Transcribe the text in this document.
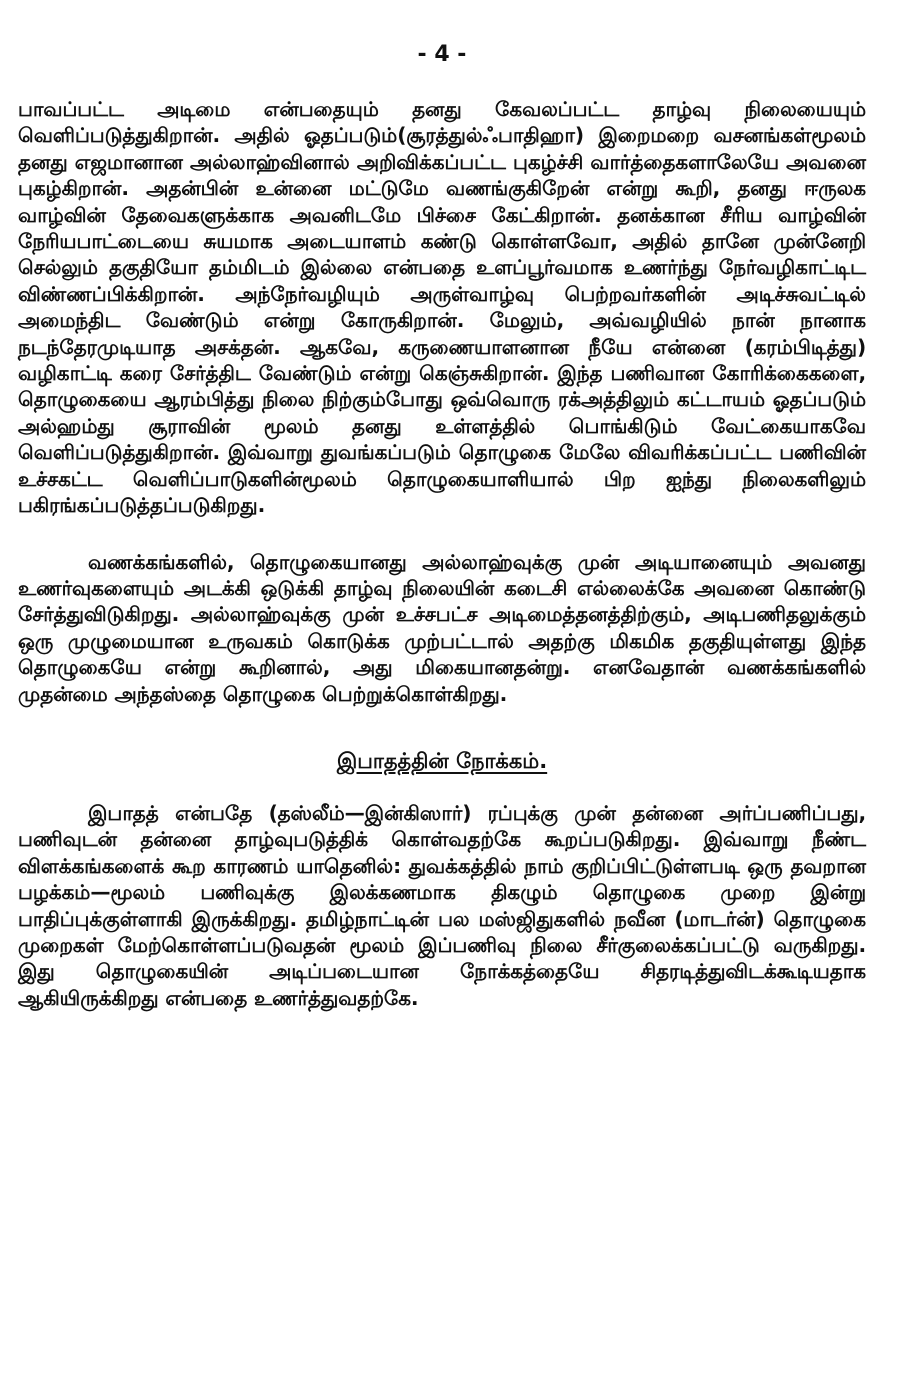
- 4 -

பாவப்பட்ட அடிமை என்பதையும் தனது கேவலப்பட்ட தாழ்வு நிலையையும் வெளிப்படுத்துகிறான். அதில் ஓதப்படும்(சூரத்துல்ஃபாதிஹா) இறைமறை வசனங்கள்மூலம் தனது எஜமானான அல்லாஹ்வினால் அறிவிக்கப்பட்ட புகழ்ச்சி வார்த்தைகளாலேயே அவனை புகழ்கிறான். அதன்பின் உன்னை மட்டுமே வணங்குகிறேன் என்று கூறி, தனது ஈருலக வாழ்வின் தேவைகளுக்காக அவனிடமே பிச்சை கேட்கிறான். தனக்கான சீரிய வாழ்வின் நேரியபாட்டையை சுயமாக அடையாளம் கண்டு கொள்ளவோ, அதில் தானே முன்னேறி செல்லும் தகுதியோ தம்மிடம் இல்லை என்பதை உளப்பூர்வமாக உணர்ந்து நேர்வழிகாட்டிட விண்ணப்பிக்கிறான். அந்நேர்வழியும் அருள்வாழ்வு பெற்றவர்களின் அடிச்சுவட்டில் அமைந்திட வேண்டும் என்று கோருகிறான். மேலும், அவ்வழியில் நான் நானாக நடந்தேரமுடியாத அசக்தன். ஆகவே, கருணையாளனான நீயே என்னை (கரம்பிடித்து) வழிகாட்டி கரை சேர்த்திட வேண்டும் என்று கெஞ்சுகிறான். இந்த பணிவான கோரிக்கைகளை, தொழுகையை ஆரம்பித்து நிலை நிற்கும்போது ஒவ்வொரு ரக்அத்திலும் கட்டாயம் ஓதப்படும் அல்ஹம்து சூராவின் மூலம் தனது உள்ளத்தில் பொங்கிடும் வேட்கையாகவே வெளிப்படுத்துகிறான். இவ்வாறு துவங்கப்படும் தொழுகை மேலே விவரிக்கப்பட்ட பணிவின் உச்சகட்ட வெளிப்பாடுகளின்மூலம் தொழுகையாளியால் பிற ஐந்து நிலைகளிலும் பகிரங்கப்படுத்தப்படுகிறது.

வணக்கங்களில், தொழுகையானது அல்லாஹ்வுக்கு முன் அடியானையும் அவனது உணர்வுகளையும் அடக்கி ஒடுக்கி தாழ்வு நிலையின் கடைசி எல்லைக்கே அவனை கொண்டு சேர்த்துவிடுகிறது. அல்லாஹ்வுக்கு முன் உச்சபட்ச அடிமைத்தனத்திற்கும், அடிபணிதலுக்கும் ஒரு முழுமையான உருவகம் கொடுக்க முற்பட்டால் அதற்கு மிகமிக தகுதியுள்ளது இந்த தொழுகையே என்று கூறினால், அது மிகையானதன்று. எனவேதான் வணக்கங்களில் முதன்மை அந்தஸ்தை தொழுகை பெற்றுக்கொள்கிறது.

இபாதத்தின் நோக்கம்.

இபாதத் என்பதே (தஸ்லீம்—இன்கிஸார்) ரப்புக்கு முன் தன்னை அர்ப்பணிப்பது, பணிவுடன் தன்னை தாழ்வுபடுத்திக் கொள்வதற்கே கூறப்படுகிறது. இவ்வாறு நீண்ட விளக்கங்களைக் கூற காரணம் யாதெனில்: துவக்கத்தில் நாம் குறிப்பிட்டுள்ளபடி ஒரு தவறான பழக்கம்—மூலம் பணிவுக்கு இலக்கணமாக திகழும் தொழுகை முறை இன்று பாதிப்புக்குள்ளாகி இருக்கிறது. தமிழ்நாட்டின் பல மஸ்ஜிதுகளில் நவீன (மாடர்ன்) தொழுகை முறைகள் மேற்கொள்ளப்படுவதன் மூலம் இப்பணிவு நிலை சீர்குலைக்கப்பட்டு வருகிறது. இது தொழுகையின் அடிப்படையான நோக்கத்தையே சிதரடித்துவிடக்கூடியதாக ஆகியிருக்கிறது என்பதை உணர்த்துவதற்கே.
